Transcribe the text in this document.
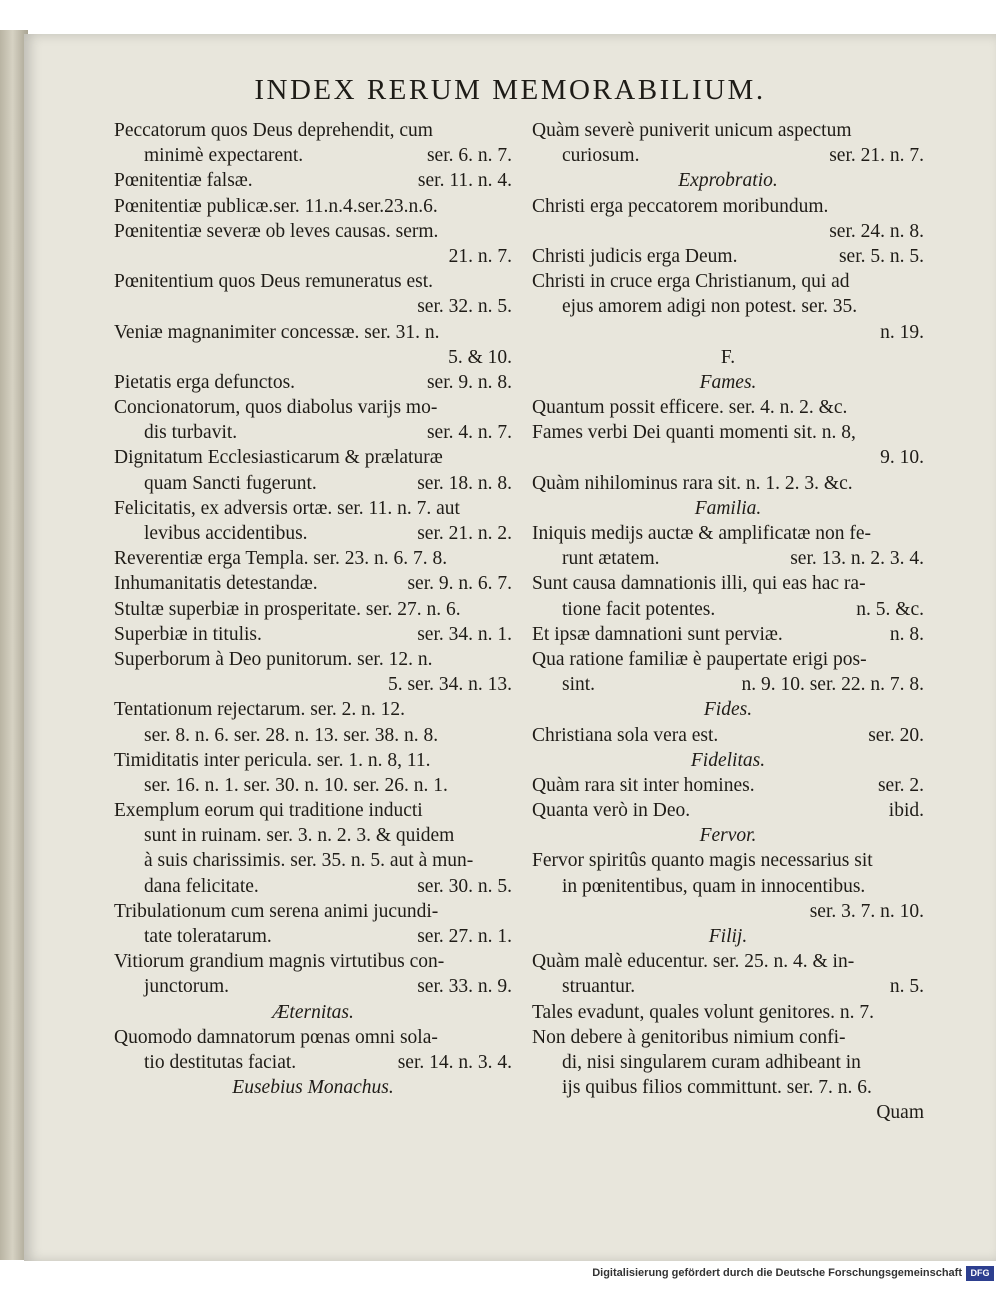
INDEX RERUM MEMORABILIUM.
Peccatorum quos Deus deprehendit, cum
minimè expectarent.	ser. 6. n. 7.
Pœnitentiæ falsæ.	ser. 11. n. 4.
Pœnitentiæ publicæ.ser. 11.n.4.ser.23.n.6.
Pœnitentiæ severæ ob leves causas. serm.
21. n. 7.
Pœnitentium quos Deus remuneratus est.
ser. 32. n. 5.
Veniæ magnanimiter concessæ. ser. 31. n.
5. & 10.
Pietatis erga defunctos.	ser. 9. n. 8.
Concionatorum, quos diabolus varijs mo-
dis turbavit.	ser. 4. n. 7.
Dignitatum Ecclesiasticarum & prælaturæ
quam Sancti fugerunt.	ser. 18. n. 8.
Felicitatis, ex adversis ortæ. ser. 11. n. 7. aut
levibus accidentibus.	ser. 21. n. 2.
Reverentiæ erga Templa. ser. 23. n. 6. 7. 8.
Inhumanitatis detestandæ.	ser. 9. n. 6. 7.
Stultæ superbiæ in prosperitate. ser. 27. n. 6.
Superbiæ in titulis.	ser. 34. n. 1.
Superborum à Deo punitorum. ser. 12. n.
5. ser. 34. n. 13.
Tentationum rejectarum. ser. 2. n. 12.
ser. 8. n. 6. ser. 28. n. 13. ser. 38. n. 8.
Timiditatis inter pericula. ser. 1. n. 8, 11.
ser. 16. n. 1. ser. 30. n. 10. ser. 26. n. 1.
Exemplum eorum qui traditione inducti
sunt in ruinam. ser. 3. n. 2. 3. & quidem
à suis charissimis. ser. 35. n. 5. aut à mun-
dana felicitate.	ser. 30. n. 5.
Tribulationum cum serena animi jucundi-
tate toleratarum.	ser. 27. n. 1.
Vitiorum grandium magnis virtutibus con-
junctorum.	ser. 33. n. 9.
Æternitas.
Quomodo damnatorum pœnas omni sola-
tio destitutas faciat.	ser. 14. n. 3. 4.
Eusebius Monachus.
Quàm severè puniverit unicum aspectum
curiosum.	ser. 21. n. 7.
Exprobratio.
Christi erga peccatorem moribundum.
ser. 24. n. 8.
Christi judicis erga Deum.	ser. 5. n. 5.
Christi in cruce erga Christianum, qui ad
ejus amorem adigi non potest. ser. 35.
n. 19.
F.
Fames.
Quantum possit efficere. ser. 4. n. 2. &c.
Fames verbi Dei quanti momenti sit. n. 8,
9. 10.
Quàm nihilominus rara sit. n. 1. 2. 3. &c.
Familia.
Iniquis medijs auctæ & amplificatæ non fe-
runt ætatem.	ser. 13. n. 2. 3. 4.
Sunt causa damnationis illi, qui eas hac ra-
tione facit potentes.	n. 5. &c.
Et ipsæ damnationi sunt perviæ.	n. 8.
Qua ratione familiæ è paupertate erigi pos-
sint.	n. 9. 10. ser. 22. n. 7. 8.
Fides.
Christiana sola vera est.	ser. 20.
Fidelitas.
Quàm rara sit inter homines.	ser. 2.
Quanta verò in Deo.	ibid.
Fervor.
Fervor spiritûs quanto magis necessarius sit
in pœnitentibus, quam in innocentibus.
ser. 3. 7. n. 10.
Filij.
Quàm malè educentur. ser. 25. n. 4. & in-
struantur.	n. 5.
Tales evadunt, quales volunt genitores. n. 7.
Non debere à genitoribus nimium confi-
di, nisi singularem curam adhibeant in
ijs quibus filios committunt. ser. 7. n. 6.
Quam
Digitalisierung gefördert durch die Deutsche Forschungsgemeinschaft DFG
